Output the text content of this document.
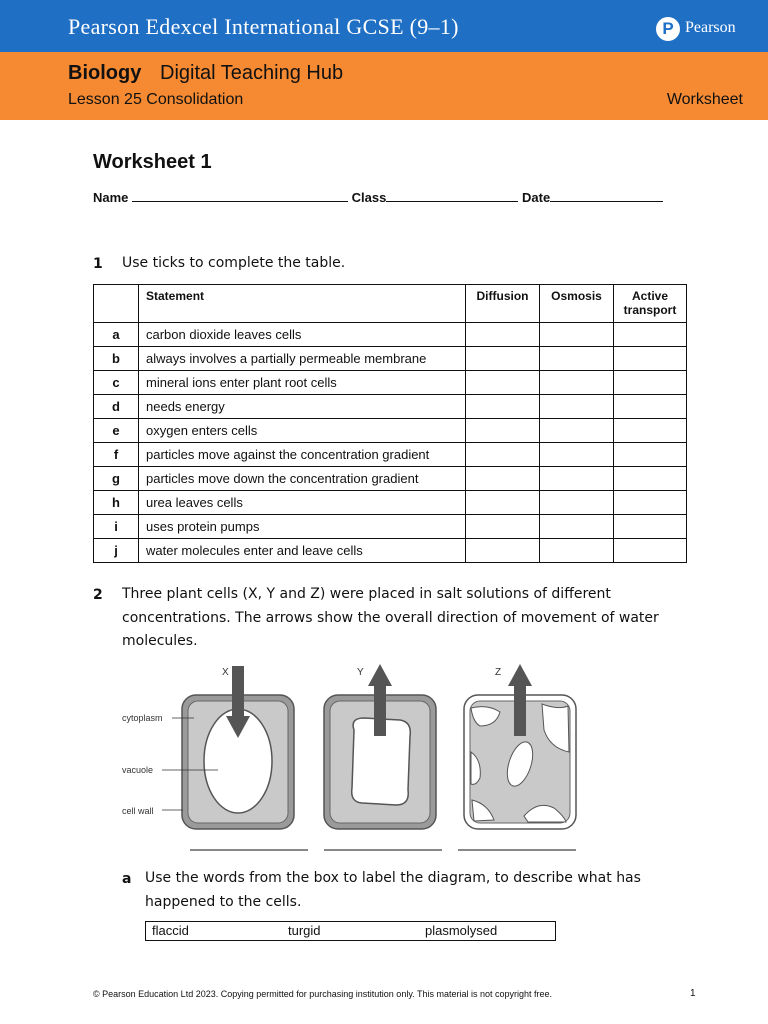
Pearson Edexcel International GCSE (9–1)	P Pearson
Biology Digital Teaching Hub
Lesson 25 Consolidation	Worksheet
Worksheet 1
Name	Class	Date
1 Use ticks to complete the table.
	Statement	Diffusion	Osmosis	Active transport
a	carbon dioxide leaves cells			
b	always involves a partially permeable membrane			
c	mineral ions enter plant root cells			
d	needs energy			
e	oxygen enters cells			
f	particles move against the concentration gradient			
g	particles move down the concentration gradient			
h	urea leaves cells			
i	uses protein pumps			
j	water molecules enter and leave cells			
2 Three plant cells (X, Y and Z) were placed in salt solutions of different concentrations. The arrows show the overall direction of movement of water molecules.
X	Y	Z
cytoplasm
vacuole
cell wall
a Use the words from the box to label the diagram, to describe what has happened to the cells.
flaccid	turgid	plasmolysed
© Pearson Education Ltd 2023. Copying permitted for purchasing institution only. This material is not copyright free.	1
